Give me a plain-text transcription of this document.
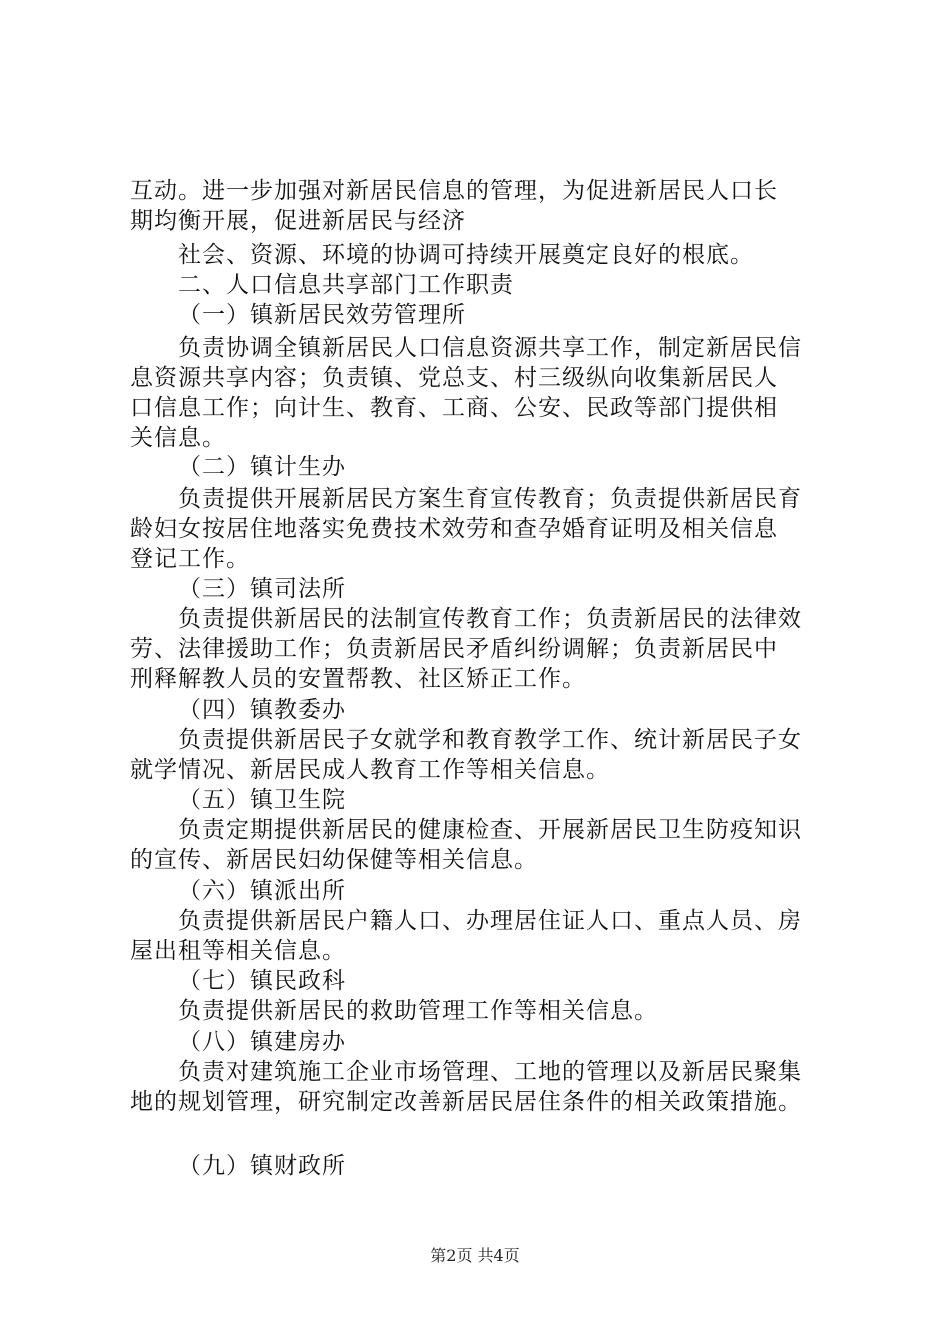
互动。进一步加强对新居民信息的管理，为促进新居民人口长
期均衡开展，促进新居民与经济
社会、资源、环境的协调可持续开展奠定良好的根底。
二、人口信息共享部门工作职责
（一）镇新居民效劳管理所
负责协调全镇新居民人口信息资源共享工作，制定新居民信
息资源共享内容；负责镇、党总支、村三级纵向收集新居民人
口信息工作；向计生、教育、工商、公安、民政等部门提供相
关信息。
（二）镇计生办
负责提供开展新居民方案生育宣传教育；负责提供新居民育
龄妇女按居住地落实免费技术效劳和查孕婚育证明及相关信息
登记工作。
（三）镇司法所
负责提供新居民的法制宣传教育工作；负责新居民的法律效
劳、法律援助工作；负责新居民矛盾纠纷调解；负责新居民中
刑释解教人员的安置帮教、社区矫正工作。
（四）镇教委办
负责提供新居民子女就学和教育教学工作、统计新居民子女
就学情况、新居民成人教育工作等相关信息。
（五）镇卫生院
负责定期提供新居民的健康检查、开展新居民卫生防疫知识
的宣传、新居民妇幼保健等相关信息。
（六）镇派出所
负责提供新居民户籍人口、办理居住证人口、重点人员、房
屋出租等相关信息。
（七）镇民政科
负责提供新居民的救助管理工作等相关信息。
（八）镇建房办
负责对建筑施工企业市场管理、工地的管理以及新居民聚集
地的规划管理，研究制定改善新居民居住条件的相关政策措施。
（九）镇财政所
第2页 共4页
